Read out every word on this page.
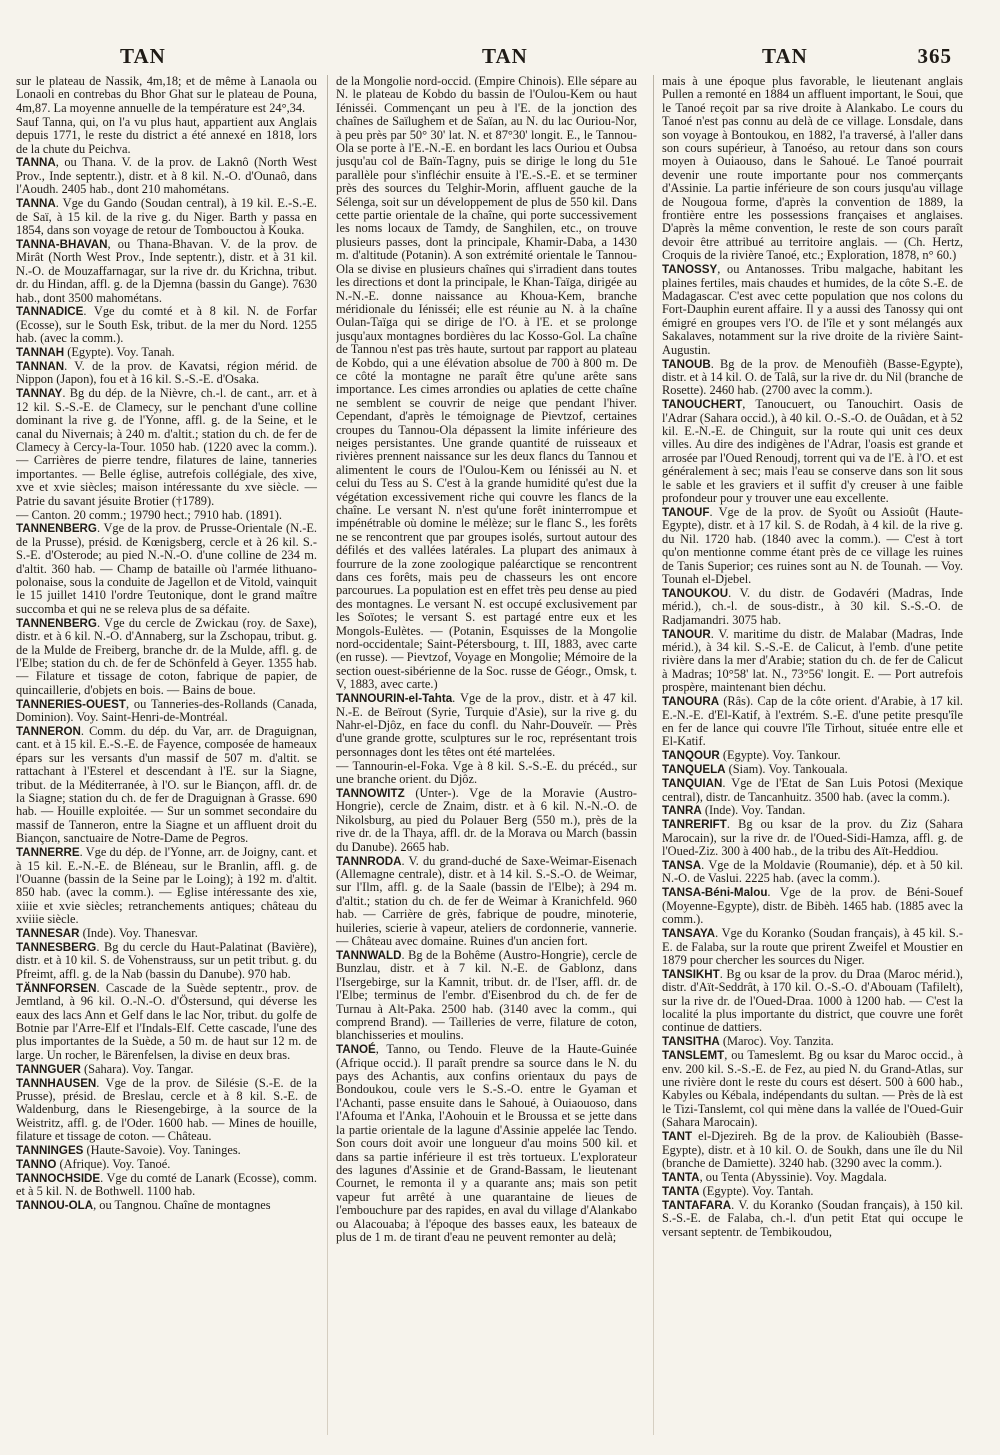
TAN	TAN	TAN	365

sur le plateau de Nassik, 4m,18; et de même à Lanaola ou Lonaoli en contrebas du Bhor Ghat sur le plateau de Pouna, 4m,87. La moyenne annuelle de la température est 24°,34.

Sauf Tanna, qui, on l'a vu plus haut, appartient aux Anglais depuis 1771, le reste du district a été annexé en 1818, lors de la chute du Peichva.

TANNA, ou Thana. V. de la prov. de Laknô (North West Prov., Inde septentr.), distr. et à 8 kil. N.-O. d'Ounaô, dans l'Aoudh. 2405 hab., dont 210 mahométans.

TANNA. Vge du Gando (Soudan central), à 19 kil. E.-S.-E. de Saï, à 15 kil. de la rive g. du Niger. Barth y passa en 1854, dans son voyage de retour de Tombouctou à Kouka.

TANNA-BHAVAN, ou Thana-Bhavan. V. de la prov. de Mirât (North West Prov., Inde septentr.), distr. et à 31 kil. N.-O. de Mouzaffarnagar, sur la rive dr. du Krichna, tribut. dr. du Hindan, affl. g. de la Djemna (bassin du Gange). 7630 hab., dont 3500 mahométans.

TANNADICE. Vge du comté et à 8 kil. N. de Forfar (Ecosse), sur le South Esk, tribut. de la mer du Nord. 1255 hab. (avec la comm.).

TANNAH (Egypte). Voy. Tanah.

TANNAN. V. de la prov. de Kavatsi, région mérid. de Nippon (Japon), fou et à 16 kil. S.-S.-E. d'Osaka.

TANNAY. Bg du dép. de la Nièvre, ch.-l. de cant., arr. et à 12 kil. S.-S.-E. de Clamecy, sur le penchant d'une colline dominant la rive g. de l'Yonne, affl. g. de la Seine, et le canal du Nivernais; à 240 m. d'altit.; station du ch. de fer de Clamecy à Cercy-la-Tour. 1050 hab. (1220 avec la comm.). — Carrières de pierre tendre, filatures de laine, tanneries importantes. — Belle église, autrefois collégiale, des xive, xve et xvie siècles; maison intéressante du xve siècle. — Patrie du savant jésuite Brotier (†1789).

— Canton. 20 comm.; 19790 hect.; 7910 hab. (1891).

TANNENBERG. Vge de la prov. de Prusse-Orientale (N.-E. de la Prusse), présid. de Kœnigsberg, cercle et à 26 kil. S.-S.-E. d'Osterode; au pied N.-N.-O. d'une colline de 234 m. d'altit. 360 hab. — Champ de bataille où l'armée lithuano-polonaise, sous la conduite de Jagellon et de Vitold, vainquit le 15 juillet 1410 l'ordre Teutonique, dont le grand maître succomba et qui ne se releva plus de sa défaite.

TANNENBERG. Vge du cercle de Zwickau (roy. de Saxe), distr. et à 6 kil. N.-O. d'Annaberg, sur la Zschopau, tribut. g. de la Mulde de Freiberg, branche dr. de la Mulde, affl. g. de l'Elbe; station du ch. de fer de Schönfeld à Geyer. 1355 hab. — Filature et tissage de coton, fabrique de papier, de quincaillerie, d'objets en bois. — Bains de boue.

TANNERIES-OUEST, ou Tanneries-des-Rollands (Canada, Dominion). Voy. Saint-Henri-de-Montréal.

TANNERON. Comm. du dép. du Var, arr. de Draguignan, cant. et à 15 kil. E.-S.-E. de Fayence, composée de hameaux épars sur les versants d'un massif de 507 m. d'altit. se rattachant à l'Esterel et descendant à l'E. sur la Siagne, tribut. de la Méditerranée, à l'O. sur le Biançon, affl. dr. de la Siagne; station du ch. de fer de Draguignan à Grasse. 690 hab. — Houille exploitée. — Sur un sommet secondaire du massif de Tanneron, entre la Siagne et un affluent droit du Biançon, sanctuaire de Notre-Dame de Pegros.

TANNERRE. Vge du dép. de l'Yonne, arr. de Joigny, cant. et à 15 kil. E.-N.-E. de Bléneau, sur le Branlin, affl. g. de l'Ouanne (bassin de la Seine par le Loing); à 192 m. d'altit. 850 hab. (avec la comm.). — Eglise intéressante des xie, xiiie et xvie siècles; retranchements antiques; château du xviiie siècle.

TANNESAR (Inde). Voy. Thanesvar.

TANNESBERG. Bg du cercle du Haut-Palatinat (Bavière), distr. et à 10 kil. S. de Vohenstrauss, sur un petit tribut. g. du Pfreimt, affl. g. de la Nab (bassin du Danube). 970 hab.

TÄNNFORSEN. Cascade de la Suède septentr., prov. de Jemtland, à 96 kil. O.-N.-O. d'Östersund, qui déverse les eaux des lacs Ann et Gelf dans le lac Nor, tribut. du golfe de Botnie par l'Arre-Elf et l'Indals-Elf. Cette cascade, l'une des plus importantes de la Suède, a 50 m. de haut sur 12 m. de large. Un rocher, le Bärenfelsen, la divise en deux bras.

TANNGUER (Sahara). Voy. Tangar.

TANNHAUSEN. Vge de la prov. de Silésie (S.-E. de la Prusse), présid. de Breslau, cercle et à 8 kil. S.-E. de Waldenburg, dans le Riesengebirge, à la source de la Weistritz, affl. g. de l'Oder. 1600 hab. — Mines de houille, filature et tissage de coton. — Château.

TANNINGES (Haute-Savoie). Voy. Taninges.

TANNO (Afrique). Voy. Tanoé.

TANNOCHSIDE. Vge du comté de Lanark (Ecosse), comm. et à 5 kil. N. de Bothwell. 1100 hab.

TANNOU-OLA, ou Tangnou. Chaîne de montagnes

de la Mongolie nord-occid. (Empire Chinois). Elle sépare au N. le plateau de Kobdo du bassin de l'Oulou-Kem ou haut Iénisséi. Commençant un peu à l'E. de la jonction des chaînes de Saïlughem et de Saïan, au N. du lac Ouriou-Nor, à peu près par 50° 30' lat. N. et 87°30' longit. E., le Tannou-Ola se porte à l'E.-N.-E. en bordant les lacs Ouriou et Oubsa jusqu'au col de Baïn-Tagny, puis se dirige le long du 51e parallèle pour s'infléchir ensuite à l'E.-S.-E. et se terminer près des sources du Telghir-Morin, affluent gauche de la Sélenga, soit sur un développement de plus de 550 kil. Dans cette partie orientale de la chaîne, qui porte successivement les noms locaux de Tamdy, de Sanghilen, etc., on trouve plusieurs passes, dont la principale, Khamir-Daba, a 1430 m. d'altitude (Potanin). A son extrémité orientale le Tannou-Ola se divise en plusieurs chaînes qui s'irradient dans toutes les directions et dont la principale, le Khan-Taïga, dirigée au N.-N.-E. donne naissance au Khoua-Kem, branche méridionale du Iénisséi; elle est réunie au N. à la chaîne Oulan-Taïga qui se dirige de l'O. à l'E. et se prolonge jusqu'aux montagnes bordières du lac Kosso-Gol. La chaîne de Tannou n'est pas très haute, surtout par rapport au plateau de Kobdo, qui a une élévation absolue de 700 à 800 m. De ce côté la montagne ne paraît être qu'une arête sans importance. Les cimes arrondies ou aplaties de cette chaîne ne semblent se couvrir de neige que pendant l'hiver. Cependant, d'après le témoignage de Pievtzof, certaines croupes du Tannou-Ola dépassent la limite inférieure des neiges persistantes. Une grande quantité de ruisseaux et rivières prennent naissance sur les deux flancs du Tannou et alimentent le cours de l'Oulou-Kem ou Iénisséi au N. et celui du Tess au S. C'est à la grande humidité qu'est due la végétation excessivement riche qui couvre les flancs de la chaîne. Le versant N. n'est qu'une forêt ininterrompue et impénétrable où domine le mélèze; sur le flanc S., les forêts ne se rencontrent que par groupes isolés, surtout autour des défilés et des vallées latérales. La plupart des animaux à fourrure de la zone zoologique paléarctique se rencontrent dans ces forêts, mais peu de chasseurs les ont encore parcourues. La population est en effet très peu dense au pied des montagnes. Le versant N. est occupé exclusivement par les Soïotes; le versant S. est partagé entre eux et les Mongols-Eulètes. — (Potanin, Esquisses de la Mongolie nord-occidentale; Saint-Pétersbourg, t. III, 1883, avec carte (en russe). — Pievtzof, Voyage en Mongolie; Mémoire de la section ouest-sibérienne de la Soc. russe de Géogr., Omsk, t. V, 1883, avec carte.)

TANNOURIN-el-Tahta. Vge de la prov., distr. et à 47 kil. N.-E. de Beïrout (Syrie, Turquie d'Asie), sur la rive g. du Nahr-el-Djôz, en face du confl. du Nahr-Douveïr. — Près d'une grande grotte, sculptures sur le roc, représentant trois personnages dont les têtes ont été martelées.

— Tannourin-el-Foka. Vge à 8 kil. S.-S.-E. du précéd., sur une branche orient. du Djôz.

TANNOWITZ (Unter-). Vge de la Moravie (Austro-Hongrie), cercle de Znaim, distr. et à 6 kil. N.-N.-O. de Nikolsburg, au pied du Polauer Berg (550 m.), près de la rive dr. de la Thaya, affl. dr. de la Morava ou March (bassin du Danube). 2665 hab.

TANNRODA. V. du grand-duché de Saxe-Weimar-Eisenach (Allemagne centrale), distr. et à 14 kil. S.-S.-O. de Weimar, sur l'Ilm, affl. g. de la Saale (bassin de l'Elbe); à 294 m. d'altit.; station du ch. de fer de Weimar à Kranichfeld. 960 hab. — Carrière de grès, fabrique de poudre, minoterie, huileries, scierie à vapeur, ateliers de cordonnerie, vannerie. — Château avec domaine. Ruines d'un ancien fort.

TANNWALD. Bg de la Bohême (Austro-Hongrie), cercle de Bunzlau, distr. et à 7 kil. N.-E. de Gablonz, dans l'Isergebirge, sur la Kamnit, tribut. dr. de l'Iser, affl. dr. de l'Elbe; terminus de l'embr. d'Eisenbrod du ch. de fer de Turnau à Alt-Paka. 2500 hab. (3140 avec la comm., qui comprend Brand). — Tailleries de verre, filature de coton, blanchisseries et moulins.

TANOÉ, Tanno, ou Tendo. Fleuve de la Haute-Guinée (Afrique occid.). Il paraît prendre sa source dans le N. du pays des Achantis, aux confins orientaux du pays de Bondoukou, coule vers le S.-S.-O. entre le Gyaman et l'Achanti, passe ensuite dans le Sahoué, à Ouiaouoso, dans l'Afouma et l'Anka, l'Aohouin et le Broussa et se jette dans la partie orientale de la lagune d'Assinie appelée lac Tendo. Son cours doit avoir une longueur d'au moins 500 kil. et dans sa partie inférieure il est très tortueux. L'explorateur des lagunes d'Assinie et de Grand-Bassam, le lieutenant Cournet, le remonta il y a quarante ans; mais son petit vapeur fut arrêté à une quarantaine de lieues de l'embouchure par des rapides, en aval du village d'Alankabo ou Alacouaba; à l'époque des basses eaux, les bateaux de plus de 1 m. de tirant d'eau ne peuvent remonter au delà;

mais à une époque plus favorable, le lieutenant anglais Pullen a remonté en 1884 un affluent important, le Soui, que le Tanoé reçoit par sa rive droite à Alankabo. Le cours du Tanoé n'est pas connu au delà de ce village. Lonsdale, dans son voyage à Bontoukou, en 1882, l'a traversé, à l'aller dans son cours supérieur, à Tanoéso, au retour dans son cours moyen à Ouiaouso, dans le Sahoué. Le Tanoé pourrait devenir une route importante pour nos commerçants d'Assinie. La partie inférieure de son cours jusqu'au village de Nougoua forme, d'après la convention de 1889, la frontière entre les possessions françaises et anglaises. D'après la même convention, le reste de son cours paraît devoir être attribué au territoire anglais. — (Ch. Hertz, Croquis de la rivière Tanoé, etc.; Exploration, 1878, n° 60.)

TANOSSY, ou Antanosses. Tribu malgache, habitant les plaines fertiles, mais chaudes et humides, de la côte S.-E. de Madagascar. C'est avec cette population que nos colons du Fort-Dauphin eurent affaire. Il y a aussi des Tanossy qui ont émigré en groupes vers l'O. de l'île et y sont mélangés aux Sakalaves, notamment sur la rive droite de la rivière Saint-Augustin.

TANOUB. Bg de la prov. de Menoufièh (Basse-Egypte), distr. et à 14 kil. O. de Talâ, sur la rive dr. du Nil (branche de Rosette). 2460 hab. (2700 avec la comm.).

TANOUCHERT, Tanoucuert, ou Tanouchirt. Oasis de l'Adrar (Sahara occid.), à 40 kil. O.-S.-O. de Ouâdan, et à 52 kil. E.-N.-E. de Chinguit, sur la route qui unit ces deux villes. Au dire des indigènes de l'Adrar, l'oasis est grande et arrosée par l'Oued Renoudj, torrent qui va de l'E. à l'O. et est généralement à sec; mais l'eau se conserve dans son lit sous le sable et les graviers et il suffit d'y creuser à une faible profondeur pour y trouver une eau excellente.

TANOUF. Vge de la prov. de Syoût ou Assioût (Haute-Egypte), distr. et à 17 kil. S. de Rodah, à 4 kil. de la rive g. du Nil. 1720 hab. (1840 avec la comm.). — C'est à tort qu'on mentionne comme étant près de ce village les ruines de Tanis Superior; ces ruines sont au N. de Tounah. — Voy. Tounah el-Djebel.

TANOUKOU. V. du distr. de Godavéri (Madras, Inde mérid.), ch.-l. de sous-distr., à 30 kil. S.-S.-O. de Radjamandri. 3075 hab.

TANOUR. V. maritime du distr. de Malabar (Madras, Inde mérid.), à 34 kil. S.-S.-E. de Calicut, à l'emb. d'une petite rivière dans la mer d'Arabie; station du ch. de fer de Calicut à Madras; 10°58' lat. N., 73°56' longit. E. — Port autrefois prospère, maintenant bien déchu.

TANOURA (Râs). Cap de la côte orient. d'Arabie, à 17 kil. E.-N.-E. d'El-Katif, à l'extrém. S.-E. d'une petite presqu'île en fer de lance qui couvre l'île Tirhout, située entre elle et El-Katif.

TANQOUR (Egypte). Voy. Tankour.

TANQUELA (Siam). Voy. Tankouala.

TANQUIAN. Vge de l'Etat de San Luis Potosi (Mexique central), distr. de Tancanhuitz. 3500 hab. (avec la comm.).

TANRA (Inde). Voy. Tandan.

TANRERIFT. Bg ou ksar de la prov. du Ziz (Sahara Marocain), sur la rive dr. de l'Oued-Sidi-Hamza, affl. g. de l'Oued-Ziz. 300 à 400 hab., de la tribu des Aït-Heddiou.

TANSA. Vge de la Moldavie (Roumanie), dép. et à 50 kil. N.-O. de Vaslui. 2225 hab. (avec la comm.).

TANSA-Béni-Malou. Vge de la prov. de Béni-Souef (Moyenne-Egypte), distr. de Bibèh. 1465 hab. (1885 avec la comm.).

TANSAYA. Vge du Koranko (Soudan français), à 45 kil. S.-E. de Falaba, sur la route que prirent Zweifel et Moustier en 1879 pour chercher les sources du Niger.

TANSIKHT. Bg ou ksar de la prov. du Draa (Maroc mérid.), distr. d'Aït-Seddrât, à 170 kil. O.-S.-O. d'Abouam (Tafilelt), sur la rive dr. de l'Oued-Draa. 1000 à 1200 hab. — C'est la localité la plus importante du district, que couvre une forêt continue de dattiers.

TANSITHA (Maroc). Voy. Tanzita.

TANSLEMT, ou Tameslemt. Bg ou ksar du Maroc occid., à env. 200 kil. S.-S.-E. de Fez, au pied N. du Grand-Atlas, sur une rivière dont le reste du cours est désert. 500 à 600 hab., Kabyles ou Kébala, indépendants du sultan. — Près de là est le Tizi-Tanslemt, col qui mène dans la vallée de l'Oued-Guir (Sahara Marocain).

TANT el-Djezireh. Bg de la prov. de Kalioubièh (Basse-Egypte), distr. et à 10 kil. O. de Soukh, dans une île du Nil (branche de Damiette). 3240 hab. (3290 avec la comm.).

TANTA, ou Tenta (Abyssinie). Voy. Magdala.

TANTA (Egypte). Voy. Tantah.

TANTAFARA. V. du Koranko (Soudan français), à 150 kil. S.-S.-E. de Falaba, ch.-l. d'un petit Etat qui occupe le versant septentr. de Tembikoudou,
